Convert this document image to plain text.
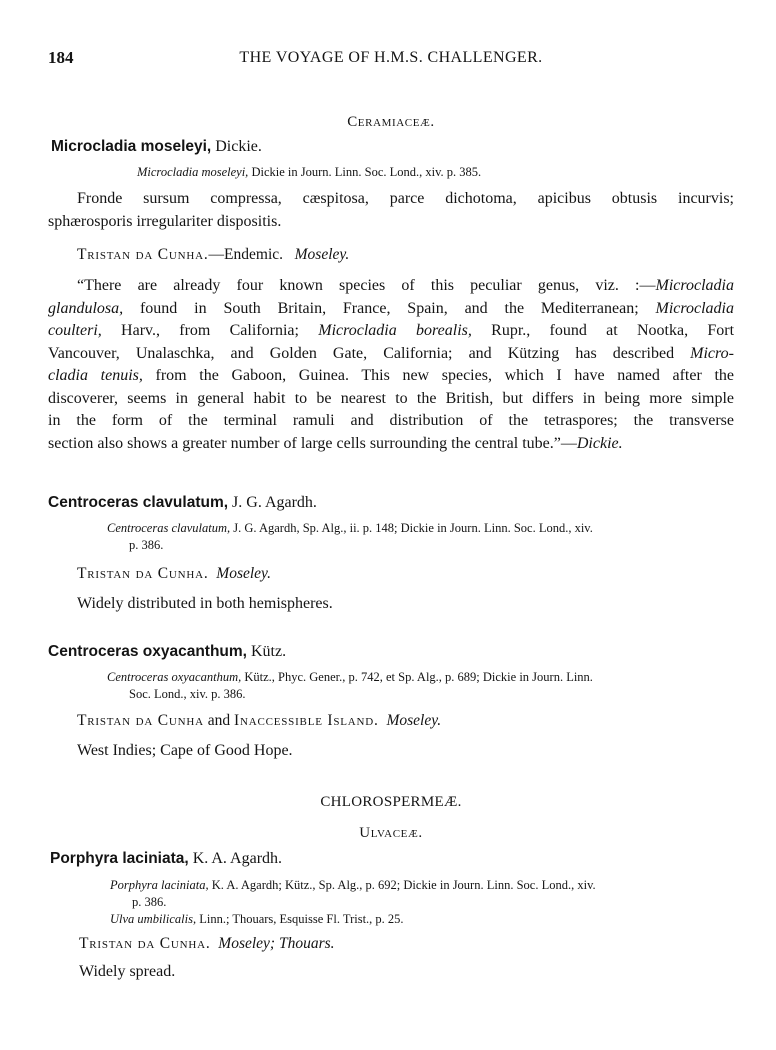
184	THE VOYAGE OF H.M.S. CHALLENGER.
Ceramiaceæ.
Microcladia moseleyi, Dickie.
Microcladia moseleyi, Dickie in Journ. Linn. Soc. Lond., xiv. p. 385.
Fronde sursum compressa, cæspitosa, parce dichotoma, apicibus obtusis incurvis;
sphærosporis irregulariter dispositis.
Tristan da Cunha.—Endemic. Moseley.
“There are already four known species of this peculiar genus, viz. :—Microcladia
glandulosa, found in South Britain, France, Spain, and the Mediterranean; Microcladia
coulteri, Harv., from California; Microcladia borealis, Rupr., found at Nootka, Fort
Vancouver, Unalaschka, and Golden Gate, California; and Kützing has described Micro-
cladia tenuis, from the Gaboon, Guinea. This new species, which I have named after the
discoverer, seems in general habit to be nearest to the British, but differs in being more simple
in the form of the terminal ramuli and distribution of the tetraspores; the transverse
section also shows a greater number of large cells surrounding the central tube.”—Dickie.
Centroceras clavulatum, J. G. Agardh.
Centroceras clavulatum, J. G. Agardh, Sp. Alg., ii. p. 148; Dickie in Journ. Linn. Soc. Lond., xiv.
p. 386.
Tristan da Cunha. Moseley.
Widely distributed in both hemispheres.
Centroceras oxyacanthum, Kütz.
Centroceras oxyacanthum, Kütz., Phyc. Gener., p. 742, et Sp. Alg., p. 689; Dickie in Journ. Linn.
Soc. Lond., xiv. p. 386.
Tristan da Cunha and Inaccessible Island. Moseley.
West Indies; Cape of Good Hope.
CHLOROSPERMEÆ.
Ulvaceæ.
Porphyra laciniata, K. A. Agardh.
Porphyra laciniata, K. A. Agardh; Kütz., Sp. Alg., p. 692; Dickie in Journ. Linn. Soc. Lond., xiv.
p. 386.
Ulva umbilicalis, Linn.; Thouars, Esquisse Fl. Trist., p. 25.
Tristan da Cunha. Moseley; Thouars.
Widely spread.
